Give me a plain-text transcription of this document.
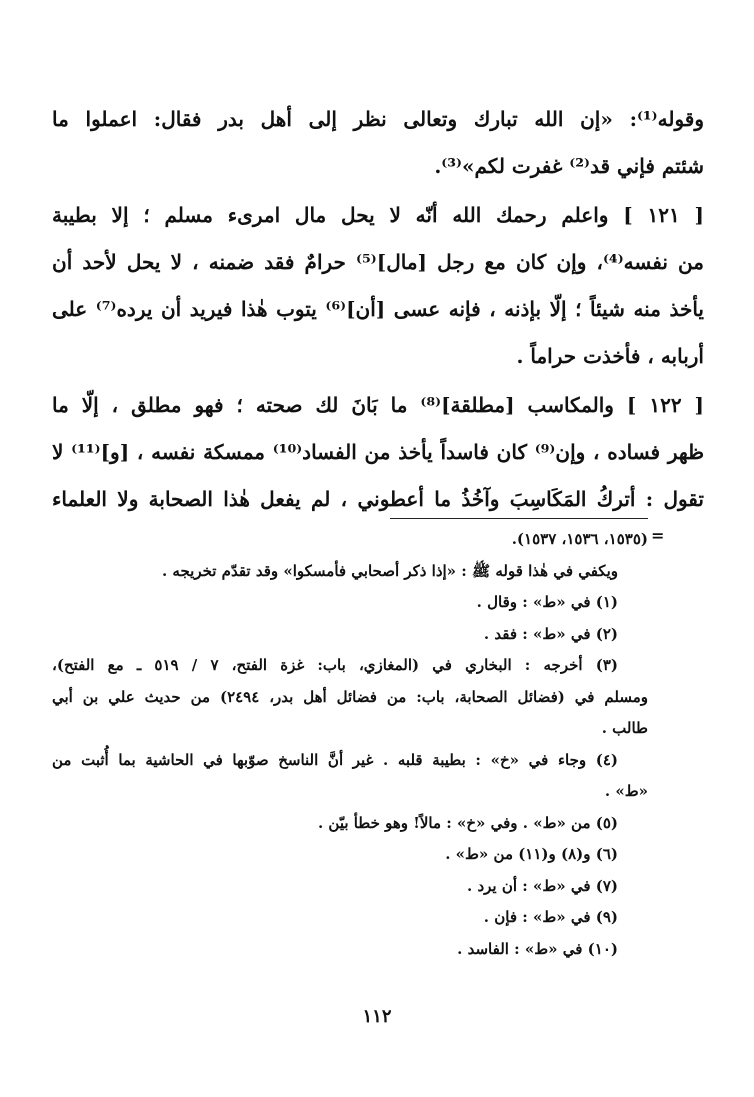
وقوله⁽¹⁾: «إن الله تبارك وتعالى نظر إلى أهل بدر فقال: اعملوا ما
شئتم فإني قد⁽²⁾ غفرت لكم»⁽³⁾.
[ ١٢١ ] واعلم رحمك الله أنّه لا يحل مال امرىء مسلم ؛ إلا بطيبة
من نفسه⁽⁴⁾، وإن كان مع رجل [مال]⁽⁵⁾ حرامٌ فقد ضمنه ، لا يحل لأحد أن
يأخذ منه شيئاً ؛ إلّا بإذنه ، فإنه عسى [أن]⁽⁶⁾ يتوب هٰذا فيريد أن يرده⁽⁷⁾ على
أربابه ، فأخذت حراماً .
[ ١٢٢ ] والمكاسب [مطلقة]⁽⁸⁾ ما بَانَ لك صحته ؛ فهو مطلق ، إلّا ما
ظهر فساده ، وإن⁽⁹⁾ كان فاسداً يأخذ من الفساد⁽¹⁰⁾ ممسكة نفسه ، [و]⁽¹¹⁾ لا
تقول : أتركُ المَكَاسِبَ وآخُذُ ما أعطوني ، لم يفعل هٰذا الصحابة ولا العلماء
=
(١٥٣٥، ١٥٣٦، ١٥٣٧).
ويكفي في هٰذا قوله ﷺ : «إذا ذكر أصحابي فأمسكوا» وقد تقدّم تخريجه .
(١) في «ط» : وقال .
(٢) في «ط» : فقد .
(٣) أخرجه : البخاري في (المغازي، باب: غزة الفتح، ٧ / ٥١٩ ـ مع الفتح)،
ومسلم في (فضائل الصحابة، باب: من فضائل أهل بدر، ٢٤٩٤) من حديث علي بن أبي
طالب .
(٤) وجاء في «خ» : بطيبة قلبه . غير أنَّ الناسخ صوّبها في الحاشية بما أُثبت من
«ط» .
(٥) من «ط» . وفي «خ» : مالاً! وهو خطأ بيّن .
(٦) و(٨) و(١١) من «ط» .
(٧) في «ط» : أن يرد .
(٩) في «ط» : فإن .
(١٠) في «ط» : الفاسد .
١١٢
